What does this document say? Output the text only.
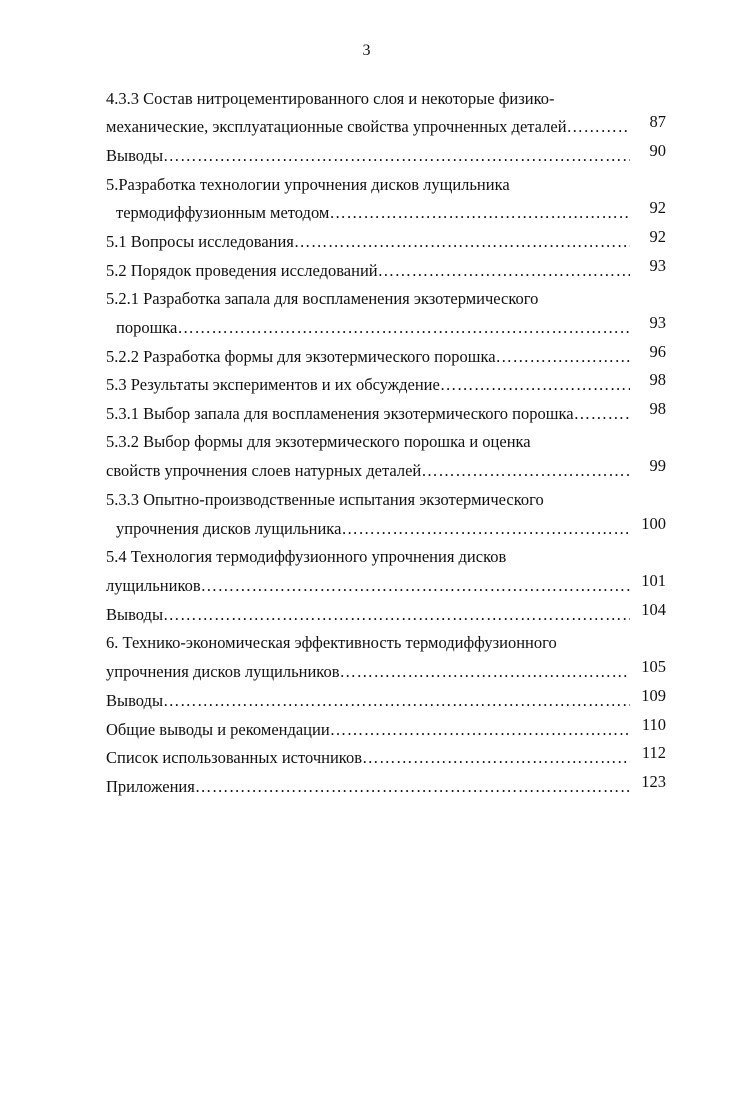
3
4.3.3 Состав нитроцементированного слоя и некоторые физико-
механические, эксплуатационные свойства упрочненных деталей ………………………………………………………………………………………………………………………………………………………………	87
Выводы ………………………………………………………………………………………………………………………………………………………………	90
5.Разработка технологии упрочнения дисков лущильника
термодиффузионным методом ………………………………………………………………………………………………………………………………………………………………	92
5.1 Вопросы исследования ………………………………………………………………………………………………………………………………………………………………	92
5.2 Порядок проведения исследований ………………………………………………………………………………………………………………………………………………………………	93
5.2.1 Разработка запала для воспламенения экзотермического
порошка ………………………………………………………………………………………………………………………………………………………………	93
5.2.2 Разработка формы для экзотермического порошка ………………………………………………………………………………………………………………………………………………………………	96
5.3 Результаты экспериментов и их обсуждение ………………………………………………………………………………………………………………………………………………………………	98
5.3.1 Выбор запала для воспламенения экзотермического порошка ………………………………………………………………………………………………………………………………………………………………	98
5.3.2 Выбор формы для экзотермического порошка и оценка
свойств упрочнения слоев натурных деталей ………………………………………………………………………………………………………………………………………………………………	99
5.3.3 Опытно-производственные испытания экзотермического
упрочнения дисков лущильника ………………………………………………………………………………………………………………………………………………………………	100
5.4 Технология термодиффузионного упрочнения дисков
лущильников ………………………………………………………………………………………………………………………………………………………………	101
Выводы ………………………………………………………………………………………………………………………………………………………………	104
6. Технико-экономическая эффективность термодиффузионного
упрочнения дисков лущильников ………………………………………………………………………………………………………………………………………………………………	105
Выводы ………………………………………………………………………………………………………………………………………………………………	109
Общие выводы и рекомендации ………………………………………………………………………………………………………………………………………………………………	110
Список использованных источников ………………………………………………………………………………………………………………………………………………………………	112
Приложения ………………………………………………………………………………………………………………………………………………………………	123
